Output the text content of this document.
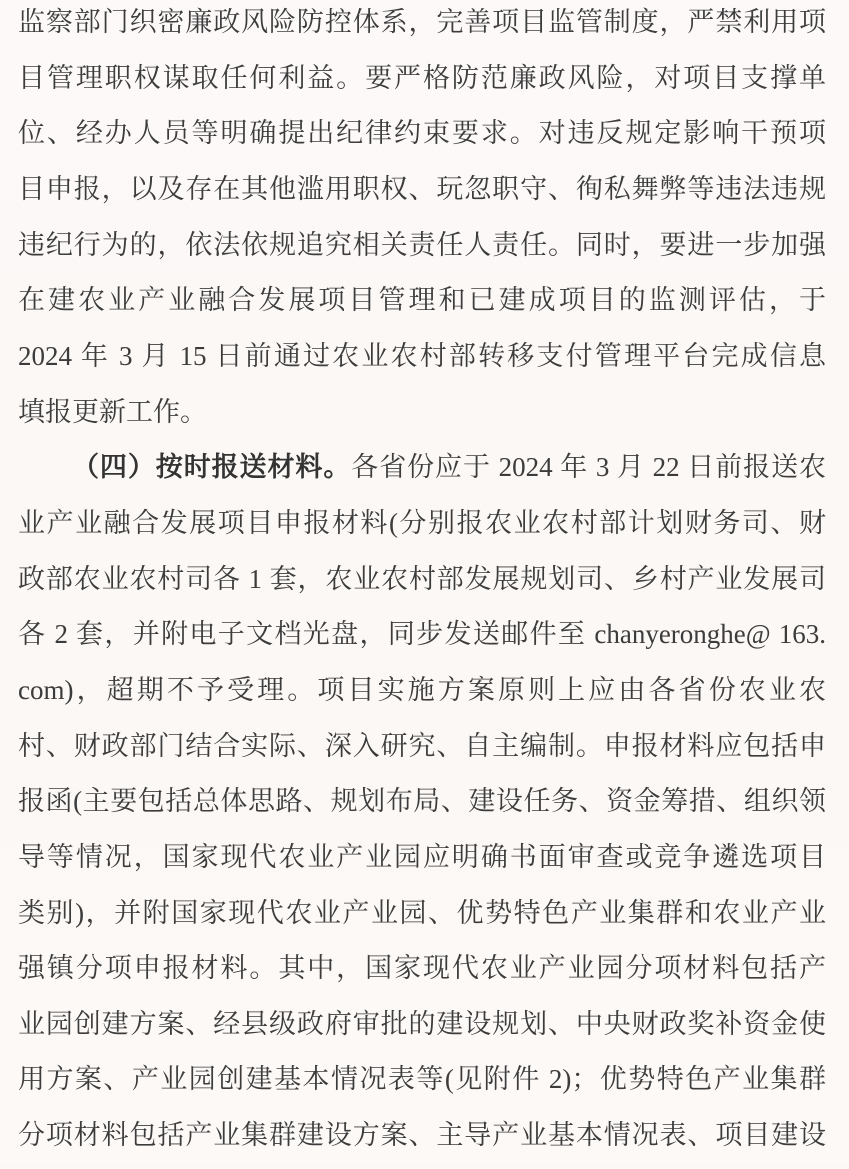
监察部门织密廉政风险防控体系，完善项目监管制度，严禁利用项
目管理职权谋取任何利益。要严格防范廉政风险，对项目支撑单
位、经办人员等明确提出纪律约束要求。对违反规定影响干预项
目申报，以及存在其他滥用职权、玩忽职守、徇私舞弊等违法违规
违纪行为的，依法依规追究相关责任人责任。同时，要进一步加强
在建农业产业融合发展项目管理和已建成项目的监测评估，于
2024 年 3 月 15 日前通过农业农村部转移支付管理平台完成信息
填报更新工作。
（四）按时报送材料。各省份应于 2024 年 3 月 22 日前报送农
业产业融合发展项目申报材料(分别报农业农村部计划财务司、财
政部农业农村司各 1 套，农业农村部发展规划司、乡村产业发展司
各 2 套，并附电子文档光盘，同步发送邮件至 chanyeronghe@ 163.
com)，超期不予受理。项目实施方案原则上应由各省份农业农
村、财政部门结合实际、深入研究、自主编制。申报材料应包括申
报函(主要包括总体思路、规划布局、建设任务、资金筹措、组织领
导等情况，国家现代农业产业园应明确书面审查或竞争遴选项目
类别)，并附国家现代农业产业园、优势特色产业集群和农业产业
强镇分项申报材料。其中，国家现代农业产业园分项材料包括产
业园创建方案、经县级政府审批的建设规划、中央财政奖补资金使
用方案、产业园创建基本情况表等(见附件 2)；优势特色产业集群
分项材料包括产业集群建设方案、主导产业基本情况表、项目建设
